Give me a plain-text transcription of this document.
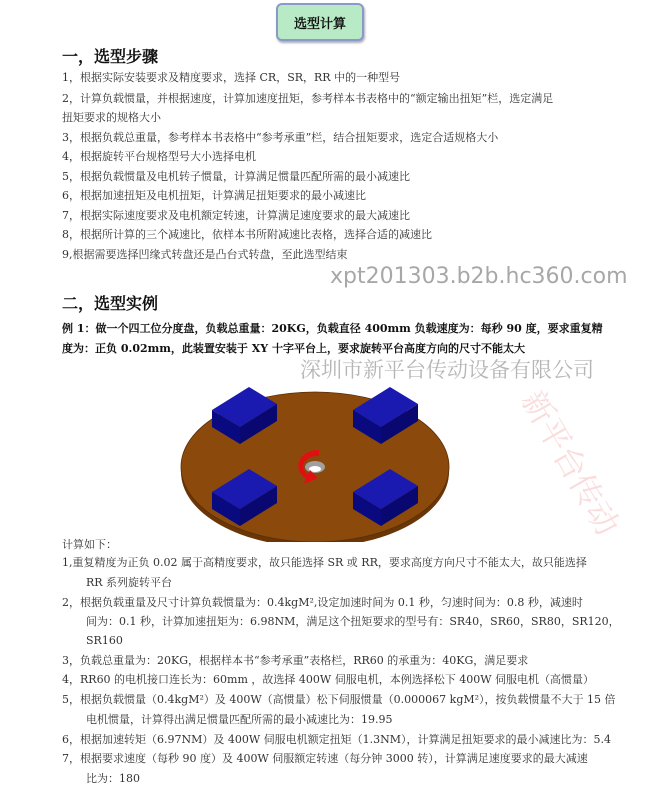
选型计算
一，选型步骤
1，根据实际安装要求及精度要求，选择 CR，SR，RR 中的一种型号
2，计算负载惯量，并根据速度，计算加速度扭矩，参考样本书表格中的“额定输出扭矩”栏，选定满足
扭矩要求的规格大小
3，根据负载总重量，参考样本书表格中“参考承重”栏，结合扭矩要求，选定合适规格大小
4，根据旋转平台规格型号大小选择电机
5，根据负载惯量及电机转子惯量，计算满足惯量匹配所需的最小减速比
6，根据加速扭矩及电机扭矩，计算满足扭矩要求的最小减速比
7，根据实际速度要求及电机额定转速，计算满足速度要求的最大减速比
8，根据所计算的三个减速比，依样本书所附减速比表格，选择合适的减速比
9,根据需要选择凹缘式转盘还是凸台式转盘，至此选型结束
xpt201303.b2b.hc360.com
二，选型实例
例 1：做一个四工位分度盘，负载总重量：20KG，负载直径 400mm 负载速度为：每秒 90 度，要求重复精
度为：正负 0.02mm，此装置安装于 XY 十字平台上，要求旋转平台高度方向的尺寸不能太大
深圳市新平台传动设备有限公司
新平台传动
计算如下：
1,重复精度为正负 0.02 属于高精度要求，故只能选择 SR 或 RR，要求高度方向尺寸不能太大，故只能选择
RR 系列旋转平台
2，根据负载重量及尺寸计算负载惯量为：0.4kgM²,设定加速时间为 0.1 秒，匀速时间为：0.8 秒，减速时
间为：0.1 秒，计算加速扭矩为：6.98NM，满足这个扭矩要求的型号有：SR40，SR60，SR80，SR120，
SR160
3，负载总重量为：20KG，根据样本书“参考承重”表格栏，RR60 的承重为：40KG，满足要求
4，RR60 的电机接口连长为：60mm ，故选择 400W 伺服电机，本例选择松下 400W 伺服电机（高惯量）
5，根据负载惯量（0.4kgM²）及 400W（高惯量）松下伺服惯量（0.000067 kgM²），按负载惯量不大于 15 倍
电机惯量，计算得出满足惯量匹配所需的最小减速比为：19.95
6，根据加速转矩（6.97NM）及 400W 伺服电机额定扭矩（1.3NM），计算满足扭矩要求的最小减速比为：5.4
7，根据要求速度（每秒 90 度）及 400W 伺服额定转速（每分钟 3000 转），计算满足速度要求的最大减速
比为：180
